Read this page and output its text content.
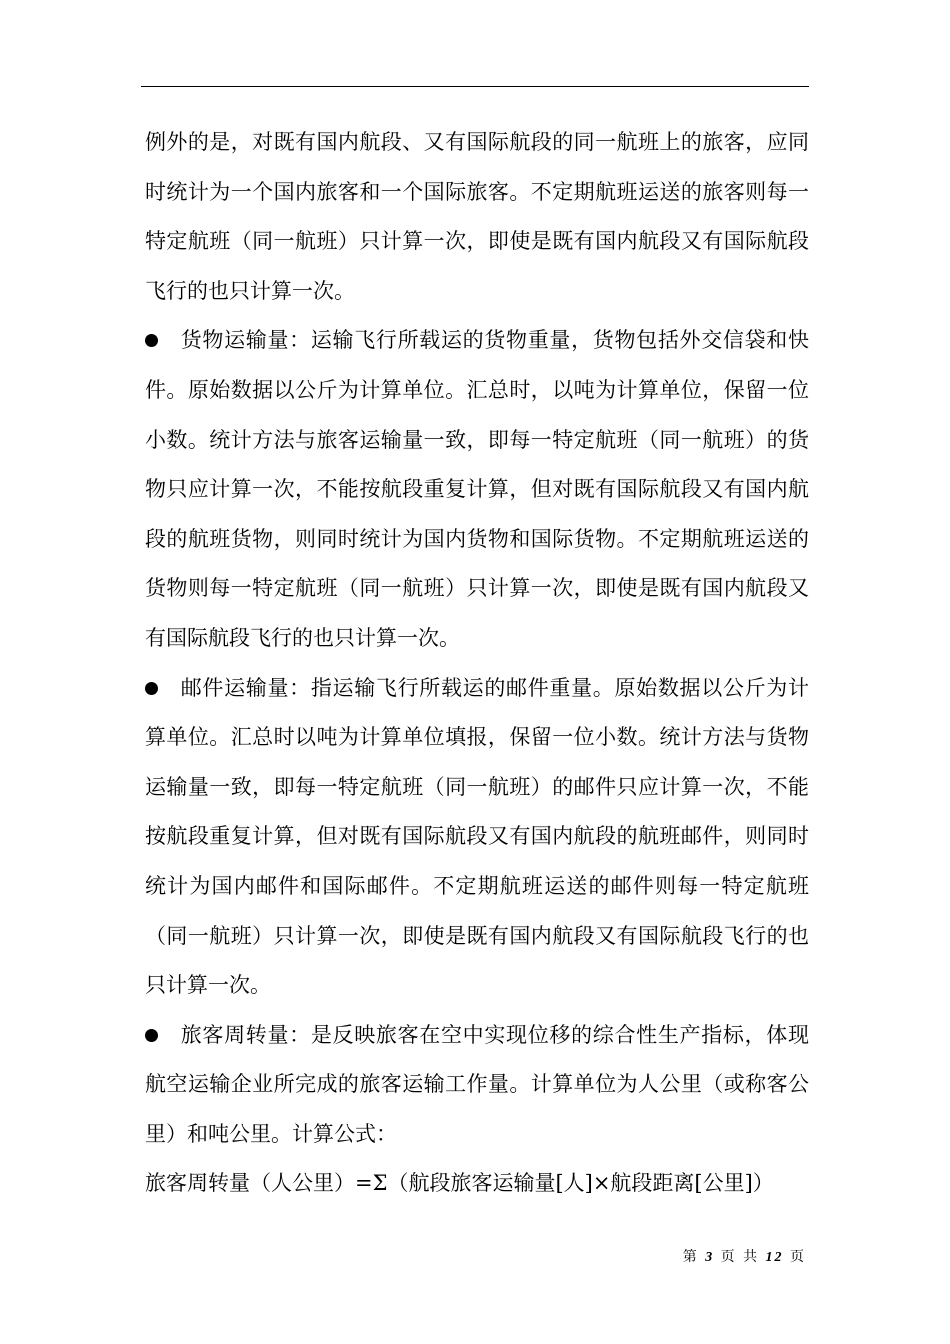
例外的是，对既有国内航段、又有国际航段的同一航班上的旅客，应同时统计为一个国内旅客和一个国际旅客。不定期航班运送的旅客则每一特定航班（同一航班）只计算一次，即使是既有国内航段又有国际航段飞行的也只计算一次。

货物运输量：运输飞行所载运的货物重量，货物包括外交信袋和快件。原始数据以公斤为计算单位。汇总时，以吨为计算单位，保留一位小数。统计方法与旅客运输量一致，即每一特定航班（同一航班）的货物只应计算一次，不能按航段重复计算，但对既有国际航段又有国内航段的航班货物，则同时统计为国内货物和国际货物。不定期航班运送的货物则每一特定航班（同一航班）只计算一次，即使是既有国内航段又有国际航段飞行的也只计算一次。

邮件运输量：指运输飞行所载运的邮件重量。原始数据以公斤为计算单位。汇总时以吨为计算单位填报，保留一位小数。统计方法与货物运输量一致，即每一特定航班（同一航班）的邮件只应计算一次，不能按航段重复计算，但对既有国际航段又有国内航段的航班邮件，则同时统计为国内邮件和国际邮件。不定期航班运送的邮件则每一特定航班（同一航班）只计算一次，即使是既有国内航段又有国际航段飞行的也只计算一次。

旅客周转量：是反映旅客在空中实现位移的综合性生产指标，体现航空运输企业所完成的旅客运输工作量。计算单位为人公里（或称客公里）和吨公里。计算公式：

旅客周转量（人公里）=Σ（航段旅客运输量[人]×航段距离[公里]）

第 3 页 共 12 页
